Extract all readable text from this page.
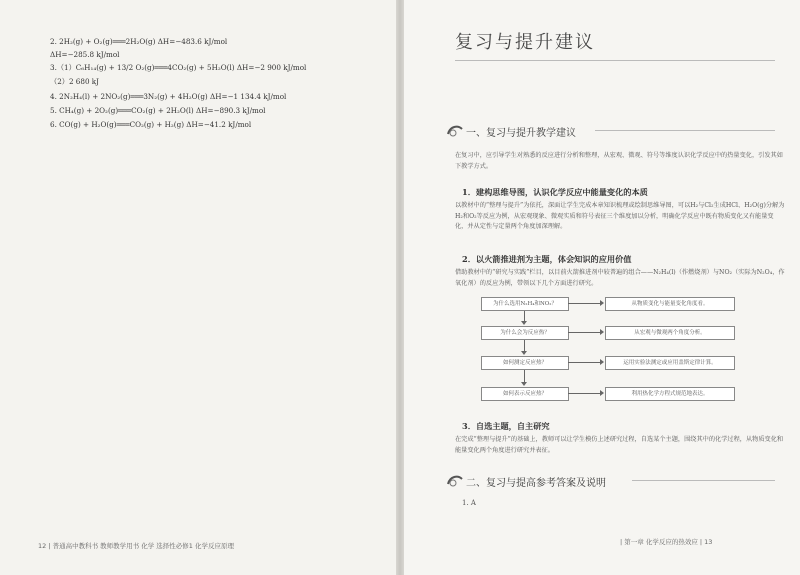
2. 2H₂(g) + O₂(g)═══2H₂O(g) ΔH=−483.6 kJ/mol
ΔH=−285.8 kJ/mol
3.（1）C₆H₁₄(g) + 13/2 O₂(g)═══4CO₂(g) + 5H₂O(l) ΔH=−2 900 kJ/mol
（2）2 680 kJ
4. 2N₂H₄(l) + 2NO₂(g)═══3N₂(g) + 4H₂O(g) ΔH=−1 134.4 kJ/mol
5. CH₄(g) + 2O₂(g)═══CO₂(g) + 2H₂O(l) ΔH=−890.3 kJ/mol
6. CO(g) + H₂O(g)═══CO₂(g) + H₂(g) ΔH=−41.2 kJ/mol
12 | 普通高中教科书 教师教学用书 化学 选择性必修1 化学反应原理
复习与提升建议
一、复习与提升教学建议
在复习中，应引导学生对熟悉的反应进行分析和整理，从宏观、微观、符号等维度认识化学反应中的热量变化，引发其如下教学方式。
1．建构思维导图，认识化学反应中能量变化的本质
以教材中的“整理与提升”为依托，深面让学生完成本章知识梳理或绘制思维导图，可以H₂与Cl₂生成HCl、H₂O(g)分解为H₂和O₂等反应为例，从宏观现象、微观实质和符号表征三个维度加以分析，明确化学反应中既有物质变化又有能量变化，并从定性与定量两个角度加深理解。
2．以火箭推进剂为主题，体会知识的应用价值
借助教材中的“研究与实践”栏目，以目前火箭推进剂中较普遍的组合——N₂H₄(l)（作燃烧剂）与NO₂（实际为N₂O₄，作氧化剂）的反应为例，带领以下几个方面进行研究。
为什么选用N₂H₄和NO₂？
为什么会为反应热？
如何测定反应热？
如何表示反应热？
从物质变化与能量变化角度看。
从宏观与微观两个角度分析。
运用实验法测定或应用盖斯定律计算。
利用热化学方程式规范地表达。
3．自选主题，自主研究
在完成“整理与提升”的基础上，教师可以让学生模仿上述研究过程，自选某个主题，围绕其中的化学过程，从物质变化和能量变化两个角度进行研究并表征。
二、复习与提高参考答案及说明
1. A
| 第一章 化学反应的热效应 | 13
